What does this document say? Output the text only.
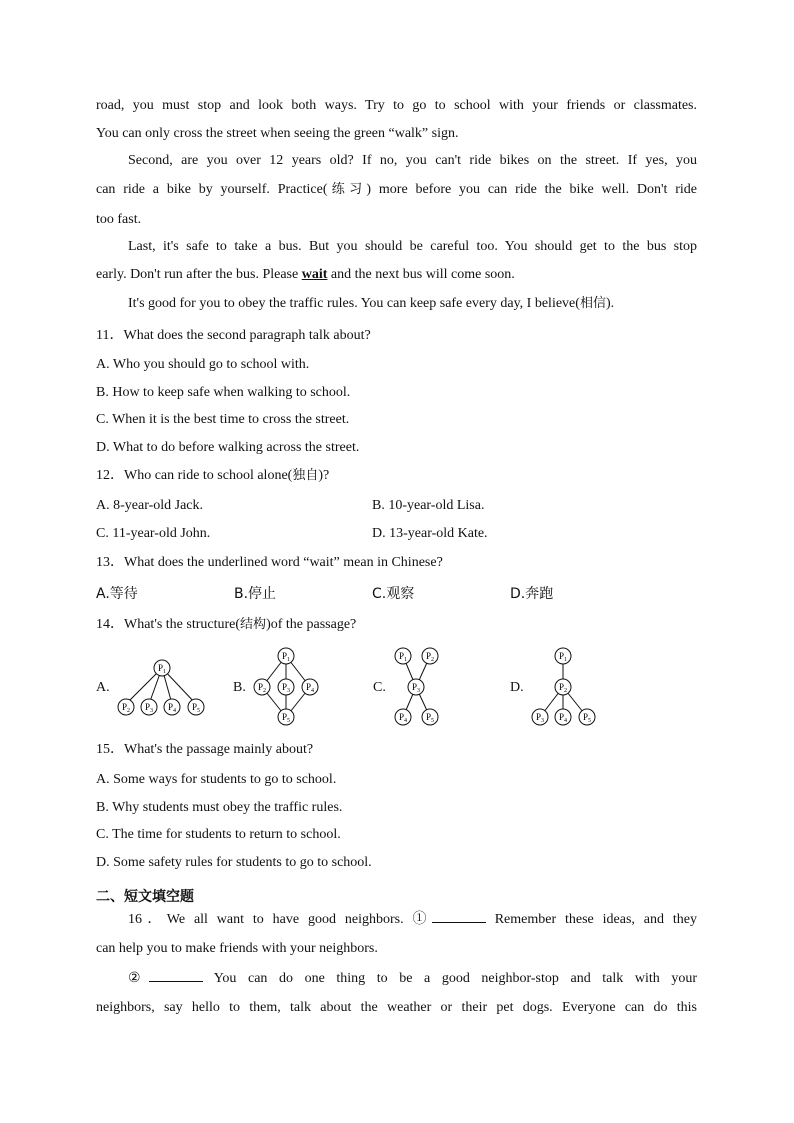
road, you must stop and look both ways. Try to go to school with your friends or classmates.
You can only cross the street when seeing the green “walk” sign.
Second, are you over 12 years old? If no, you can't ride bikes on the street. If yes, you
can ride a bike by yourself. Practice(练习) more before you can ride the bike well. Don't ride
too fast.
Last, it's safe to take a bus. But you should be careful too. You should get to the bus stop
early. Don't run after the bus. Please wait and the next bus will come soon.
It's good for you to obey the traffic rules. You can keep safe every day, I believe(相信).
11．What does the second paragraph talk about?
A. Who you should go to school with.
B. How to keep safe when walking to school.
C. When it is the best time to cross the street.
D. What to do before walking across the street.
12．Who can ride to school alone(独自)?
A. 8-year-old Jack.	B. 10-year-old Lisa.
C. 11-year-old John.	D. 13-year-old Kate.
13．What does the underlined word “wait” mean in Chinese?
A.等待	B.停止	C.观察	D.奔跑
14．What's the structure(结构)of the passage?
A.	B.	C.	D.
$P_1$
$P_2$ $P_3$ $P_4$ $P_5$
$P_1$
$P_2$ $P_3$ $P_4$
$P_5$
$P_1$ $P_2$
$P_3$
$P_4$ $P_5$
$P_1$
$P_2$
$P_3$ $P_4$ $P_5$
15．What's the passage mainly about?
A. Some ways for students to go to school.
B. Why students must obey the traffic rules.
C. The time for students to return to school.
D. Some safety rules for students to go to school.
二、短文填空题
16．We all want to have good neighbors. ①	Remember these ideas, and they
can help you to make friends with your neighbors.
②	You can do one thing to be a good neighbor-stop and talk with your
neighbors, say hello to them, talk about the weather or their pet dogs. Everyone can do this
